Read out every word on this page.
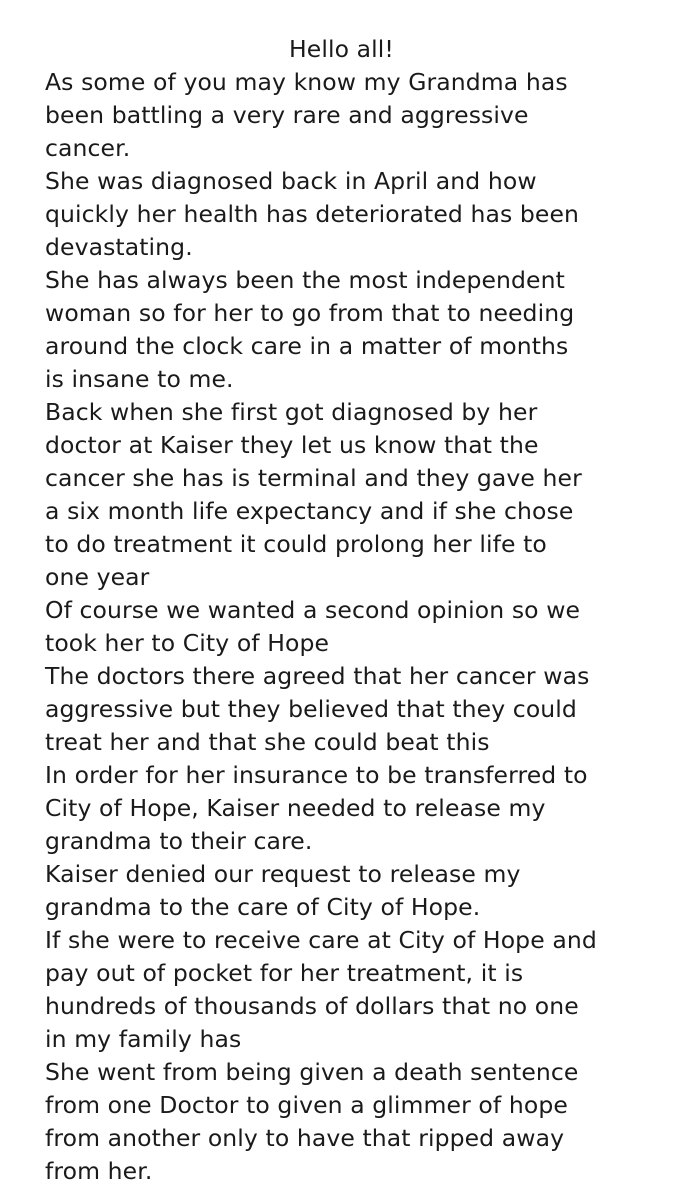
Hello all!

As some of you may know my Grandma has

been battling a very rare and aggressive

cancer.

She was diagnosed back in April and how

quickly her health has deteriorated has been

devastating.

She has always been the most independent

woman so for her to go from that to needing

around the clock care in a matter of months

is insane to me.

Back when she first got diagnosed by her

doctor at Kaiser they let us know that the

cancer she has is terminal and they gave her

a six month life expectancy and if she chose

to do treatment it could prolong her life to

one year

Of course we wanted a second opinion so we

took her to City of Hope

The doctors there agreed that her cancer was

aggressive but they believed that they could

treat her and that she could beat this

In order for her insurance to be transferred to

City of Hope, Kaiser needed to release my

grandma to their care.

Kaiser denied our request to release my

grandma to the care of City of Hope.

If she were to receive care at City of Hope and

pay out of pocket for her treatment, it is

hundreds of thousands of dollars that no one

in my family has

She went from being given a death sentence

from one Doctor to given a glimmer of hope

from another only to have that ripped away

from her.
